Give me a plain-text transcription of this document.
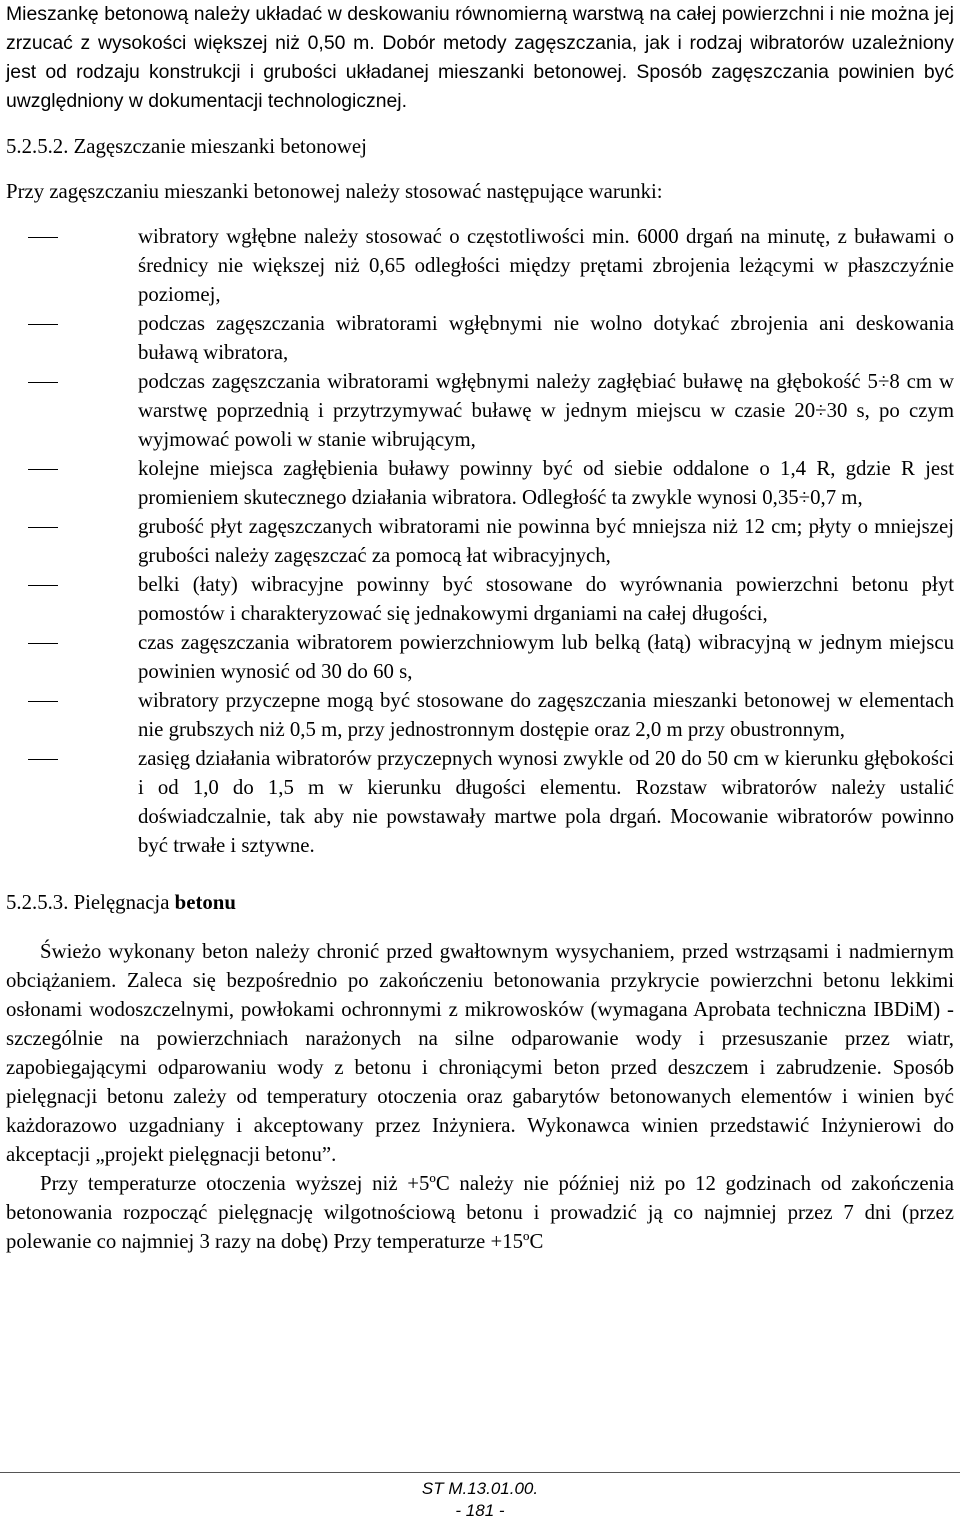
Mieszankę betonową należy układać w deskowaniu równomierną warstwą na całej powierzchni i nie można jej zrzucać z wysokości większej niż 0,50 m. Dobór metody zagęszczania, jak i rodzaj wibratorów uzależniony jest od rodzaju konstrukcji i grubości układanej mieszanki betonowej. Sposób zagęszczania powinien być uwzględniony w dokumentacji technologicznej.

5.2.5.2. Zagęszczanie mieszanki betonowej

Przy zagęszczaniu mieszanki betonowej należy stosować następujące warunki:

wibratory wgłębne należy stosować o częstotliwości min. 6000 drgań na minutę, z buławami o średnicy nie większej niż 0,65 odległości między prętami zbrojenia leżącymi w płaszczyźnie poziomej,
podczas zagęszczania wibratorami wgłębnymi nie wolno dotykać zbrojenia ani deskowania buławą wibratora,
podczas zagęszczania wibratorami wgłębnymi należy zagłębiać buławę na głębokość 5÷8 cm w warstwę poprzednią i przytrzymywać buławę w jednym miejscu w czasie 20÷30 s, po czym wyjmować powoli w stanie wibrującym,
kolejne miejsca zagłębienia buławy powinny być od siebie oddalone o 1,4 R, gdzie R jest promieniem skutecznego działania wibratora. Odległość ta zwykle wynosi 0,35÷0,7 m,
grubość płyt zagęszczanych wibratorami nie powinna być mniejsza niż 12 cm; płyty o mniejszej grubości należy zagęszczać za pomocą łat wibracyjnych,
belki (łaty) wibracyjne powinny być stosowane do wyrównania powierzchni betonu płyt pomostów i charakteryzować się jednakowymi drganiami na całej długości,
czas zagęszczania wibratorem powierzchniowym lub belką (łatą) wibracyjną w jednym miejscu powinien wynosić od 30 do 60 s,
wibratory przyczepne mogą być stosowane do zagęszczania mieszanki betonowej w elementach nie grubszych niż 0,5 m, przy jednostronnym dostępie oraz 2,0 m przy obustronnym,
zasięg działania wibratorów przyczepnych wynosi zwykle od 20 do 50 cm w kierunku głębokości i od 1,0 do 1,5 m w kierunku długości elementu. Rozstaw wibratorów należy ustalić doświadczalnie, tak aby nie powstawały martwe pola drgań. Mocowanie wibratorów powinno być trwałe i sztywne.

5.2.5.3. Pielęgnacja betonu

Świeżo wykonany beton należy chronić przed gwałtownym wysychaniem, przed wstrząsami i nadmiernym obciążaniem. Zaleca się bezpośrednio po zakończeniu betonowania przykrycie powierzchni betonu lekkimi osłonami wodoszczelnymi, powłokami ochronnymi z mikrowosków (wymagana Aprobata techniczna IBDiM) - szczególnie na powierzchniach narażonych na silne odparowanie wody i przesuszanie przez wiatr, zapobiegającymi odparowaniu wody z betonu i chroniącymi beton przed deszczem i zabrudzenie. Sposób pielęgnacji betonu zależy od temperatury otoczenia oraz gabarytów betonowanych elementów i winien być każdorazowo uzgadniany i akceptowany przez Inżyniera. Wykonawca winien przedstawić Inżynierowi do akceptacji „projekt pielęgnacji betonu”.

Przy temperaturze otoczenia wyższej niż +5ºC należy nie później niż po 12 godzinach od zakończenia betonowania rozpocząć pielęgnację wilgotnościową betonu i prowadzić ją co najmniej przez 7 dni (przez polewanie co najmniej 3 razy na dobę) Przy temperaturze +15ºC

ST M.13.01.00.
- 181 -
